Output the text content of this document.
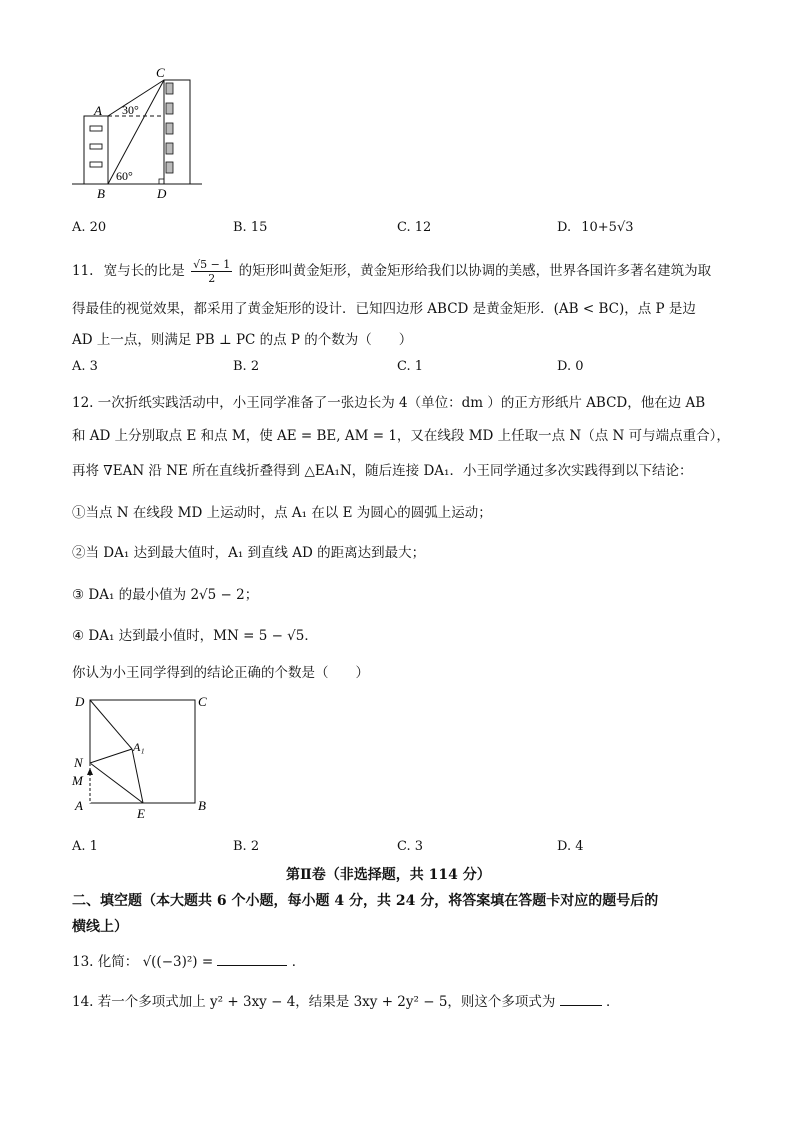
A
C
B	D
30°
60°
A. 20	B. 15	C. 12	D. 10+5√3
11. 宽与长的比是 $\frac{√5 - 1}{2}$ 的矩形叫黄金矩形，黄金矩形给我们以协调的美感，世界各国许多著名建筑为取
得最佳的视觉效果，都采用了黄金矩形的设计．已知四边形 ABCD 是黄金矩形．(AB < BC)，点 P 是边
AD 上一点，则满足 PB ⊥ PC 的点 P 的个数为（　　）
A. 3	B. 2	C. 1	D. 0
12. 一次折纸实践活动中，小王同学准备了一张边长为 4（单位：dm ）的正方形纸片 ABCD，他在边 AB
和 AD 上分别取点 E 和点 M，使 AE = BE, AM = 1，又在线段 MD 上任取一点 N（点 N 可与端点重合），
再将 ∇EAN 沿 NE 所在直线折叠得到 △EA₁N，随后连接 DA₁．小王同学通过多次实践得到以下结论：
①当点 N 在线段 MD 上运动时，点 A₁ 在以 E 为圆心的圆弧上运动；
②当 DA₁ 达到最大值时，A₁ 到直线 AD 的距离达到最大；
③ DA₁ 的最小值为 2√5 − 2；
④ DA₁ 达到最小值时，MN = 5 − √5．
你认为小王同学得到的结论正确的个数是（　　）
D	C
N
A₁
M
A
E
B
A. 1	B. 2	C. 3	D. 4
第Ⅱ卷（非选择题，共 114 分）
二、填空题（本大题共 6 个小题，每小题 4 分，共 24 分，将答案填在答题卡对应的题号后的
横线上）
13. 化简： √((−3)²) =	．
14. 若一个多项式加上 y² + 3xy − 4，结果是 3xy + 2y² − 5，则这个多项式为	．
